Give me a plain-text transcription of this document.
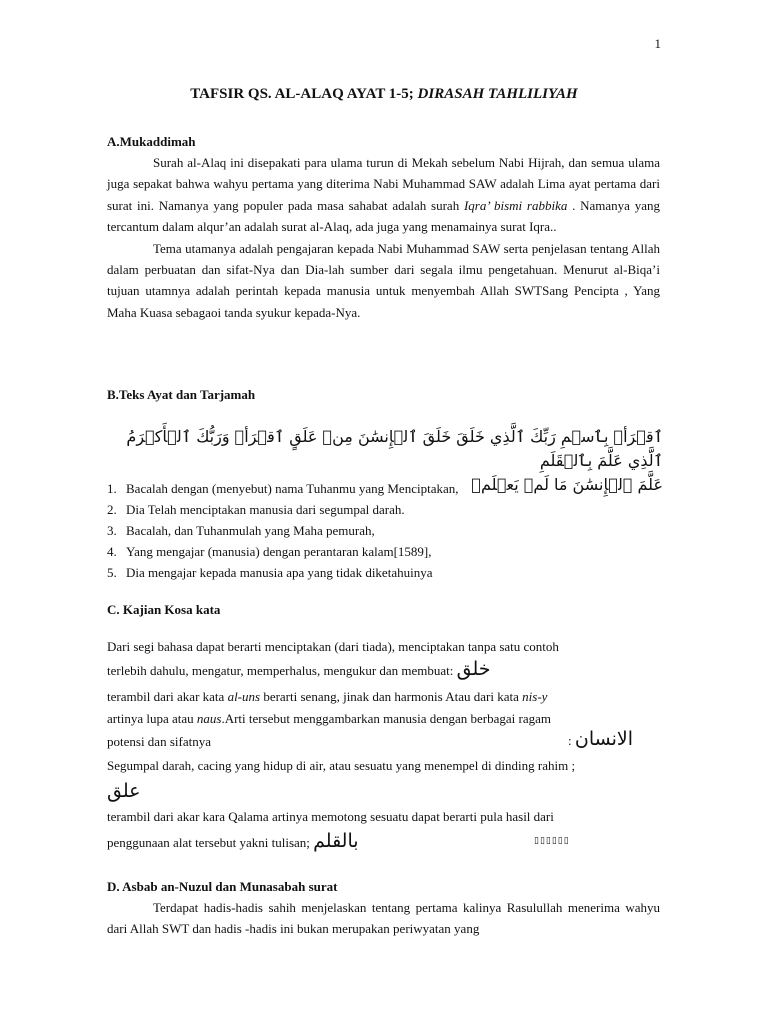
1
TAFSIR QS. AL-ALAQ AYAT 1-5; DIRASAH TAHLILIYAH
A.Mukaddimah

Surah al-Alaq ini disepakati para ulama turun di Mekah sebelum Nabi Hijrah, dan semua ulama juga sepakat bahwa wahyu pertama yang diterima Nabi Muhammad SAW adalah Lima ayat pertama dari surat ini. Namanya yang populer pada masa sahabat adalah surah Iqra’ bismi rabbika . Namanya yang tercantum dalam alqur’an adalah surat al-Alaq, ada juga yang menamainya surat Iqra..

Tema utamanya adalah pengajaran kepada Nabi Muhammad SAW serta penjelasan tentang Allah dalam perbuatan dan sifat-Nya dan Dia-lah sumber dari segala ilmu pengetahuan. Menurut al-Biqa’i tujuan utamnya adalah perintah kepada manusia untuk menyembah Allah SWTSang Pencipta , Yang Maha Kuasa sebagaoi tanda syukur kepada-Nya.

B.Teks Ayat dan Tarjamah
ٱقۡرَأۡ بِٱسۡمِ رَبِّكَ ٱلَّذِي خَلَقَ خَلَقَ ٱلۡإِنسَٰنَ مِنۡ عَلَقٍ ٱقۡرَأۡ وَرَبُّكَ ٱلۡأَكۡرَمُ ٱلَّذِي عَلَّمَ بِٱلۡقَلَمِ
عَلَّمَ ٱلۡإِنسَٰنَ مَا لَمۡ يَعۡلَمۡ
1. Bacalah dengan (menyebut) nama Tuhanmu yang Menciptakan,
2. Dia Telah menciptakan manusia dari segumpal darah.
3. Bacalah, dan Tuhanmulah yang Maha pemurah,
4. Yang mengajar (manusia) dengan perantaran kalam[1589],
5. Dia mengajar kepada manusia apa yang tidak diketahuinya
C. Kajian Kosa kata
Dari segi bahasa dapat berarti menciptakan (dari tiada), menciptakan tanpa satu contoh
terlebih dahulu, mengatur, memperhalus, mengukur dan membuat: خلق
terambil dari akar kata al-uns berarti senang, jinak dan harmonis Atau dari kata nis-y
artinya lupa atau naus.Arti tersebut menggambarkan manusia dengan berbagai ragam
potensi dan sifatnya	: الانسان
Segumpal darah, cacing yang hidup di air, atau sesuatu yang menempel di dinding rahim ;
علق
terambil dari akar kara Qalama artinya memotong sesuatu dapat berarti pula hasil dari
penggunaan alat tersebut yakni tulisan; بالقلم	▯▯▯▯▯▯
D. Asbab an-Nuzul dan Munasabah surat

Terdapat hadis-hadis sahih menjelaskan tentang pertama kalinya Rasulullah menerima wahyu dari Allah SWT dan hadis -hadis ini bukan merupakan periwyatan yang
